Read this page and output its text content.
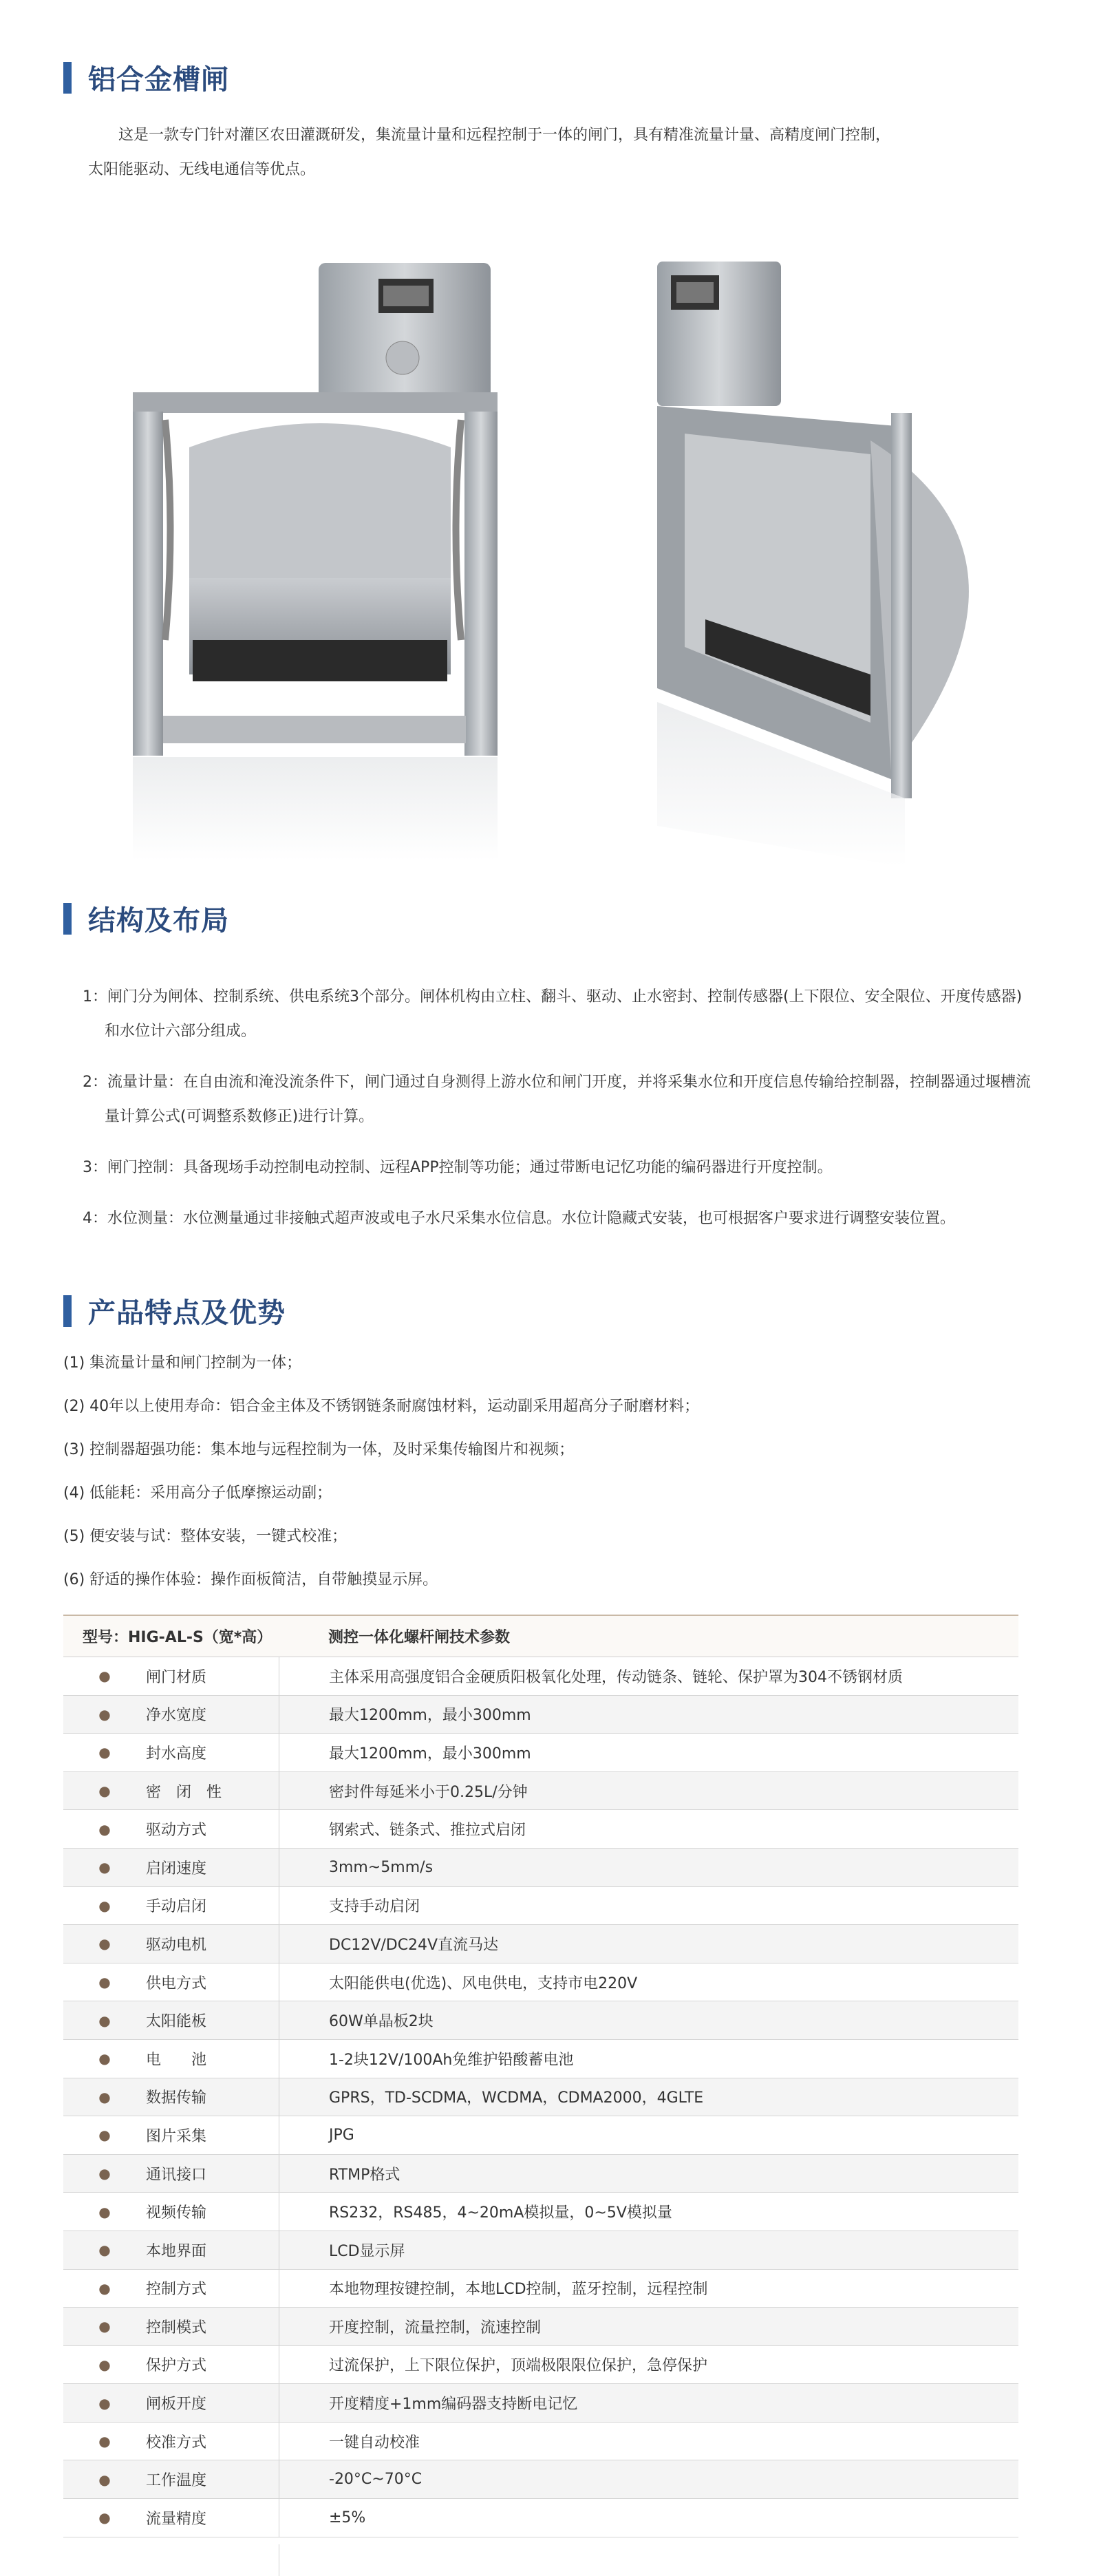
铝合金槽闸
这是一款专门针对灌区农田灌溉研发，集流量计量和远程控制于一体的闸门，具有精准流量计量、高精度闸门控制，
太阳能驱动、无线电通信等优点。
结构及布局
1：闸门分为闸体、控制系统、供电系统3个部分。闸体机构由立柱、翻斗、驱动、止水密封、控制传感器(上下限位、安全限位、开度传感器)和水位计六部分组成。
2：流量计量：在自由流和淹没流条件下，闸门通过自身测得上游水位和闸门开度，并将采集水位和开度信息传输给控制器，控制器通过堰槽流量计算公式(可调整系数修正)进行计算。
3：闸门控制：具备现场手动控制电动控制、远程APP控制等功能；通过带断电记忆功能的编码器进行开度控制。
4：水位测量：水位测量通过非接触式超声波或电子水尺采集水位信息。水位计隐藏式安装，也可根据客户要求进行调整安装位置。
产品特点及优势
(1) 集流量计量和闸门控制为一体；
(2) 40年以上使用寿命：铝合金主体及不锈钢链条耐腐蚀材料，运动副采用超高分子耐磨材料；
(3) 控制器超强功能：集本地与远程控制为一体，及时采集传输图片和视频；
(4) 低能耗：采用高分子低摩擦运动副；
(5) 便安装与试：整体安装，一键式校准；
(6) 舒适的操作体验：操作面板简洁，自带触摸显示屏。
型号：HIG-AL-S（宽*高）	测控一体化螺杆闸技术参数
●	闸门材质	主体采用高强度铝合金硬质阳极氧化处理，传动链条、链轮、保护罩为304不锈钢材质
●	净水宽度	最大1200mm，最小300mm
●	封水高度	最大1200mm，最小300mm
●	密　闭　性	密封件每延米小于0.25L/分钟
●	驱动方式	钢索式、链条式、推拉式启闭
●	启闭速度	3mm~5mm/s
●	手动启闭	支持手动启闭
●	驱动电机	DC12V/DC24V直流马达
●	供电方式	太阳能供电(优选)、风电供电，支持市电220V
●	太阳能板	60W单晶板2块
●	电　　池	1-2块12V/100Ah免维护铅酸蓄电池
●	数据传输	GPRS，TD-SCDMA，WCDMA，CDMA2000，4GLTE
●	图片采集	JPG
●	通讯接口	RTMP格式
●	视频传输	RS232，RS485，4~20mA模拟量，0~5V模拟量
●	本地界面	LCD显示屏
●	控制方式	本地物理按键控制，本地LCD控制，蓝牙控制，远程控制
●	控制模式	开度控制，流量控制，流速控制
●	保护方式	过流保护，上下限位保护，顶端极限限位保护，急停保护
●	闸板开度	开度精度+1mm编码器支持断电记忆
●	校准方式	一键自动校准
●	工作温度	-20°C~70°C
●	流量精度	±5%
